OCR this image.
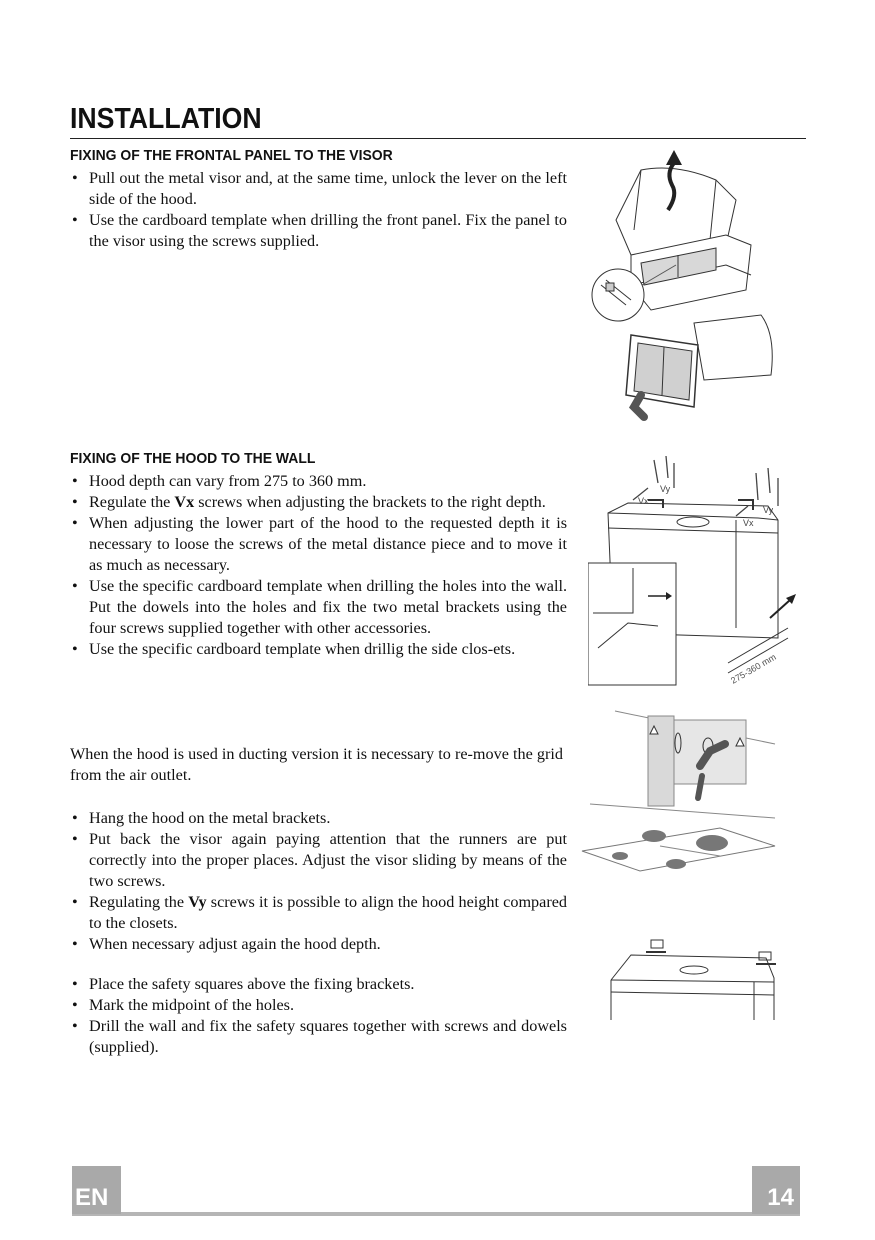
INSTALLATION
FIXING OF THE FRONTAL PANEL TO THE VISOR
• Pull out the metal visor and, at the same time, unlock the lever on the left side of the hood.
• Use the cardboard template when drilling the front panel. Fix the panel to the visor using the screws supplied.
FIXING OF THE HOOD TO THE WALL
• Hood depth can vary from 275 to 360 mm.
• Regulate the Vx screws when adjusting the brackets to the right depth.
• When adjusting the lower part of the hood to the requested depth it is necessary to loose the screws of the metal distance piece and to move it as much as necessary.
• Use the specific cardboard template when drilling the holes into the wall. Put the dowels into the holes and fix the two metal brackets using the four screws supplied together with other accessories.
• Use the specific cardboard template when drillig the side clos-ets.

When the hood is used in ducting version it is necessary to re-move the grid from the air outlet.

• Hang the hood on the metal brackets.
• Put back the visor again paying attention that the runners are put correctly into the proper places. Adjust the visor sliding by means of the two screws.
• Regulating the Vy screws it is possible to align the hood height compared to the closets.
• When necessary adjust again the hood depth.
• Place the safety squares above the fixing brackets.
• Mark the midpoint of the holes.
• Drill the wall and fix the safety squares together with screws and dowels (supplied).
Vx
Vy
Vx
Vy
275-360 mm
EN	14
